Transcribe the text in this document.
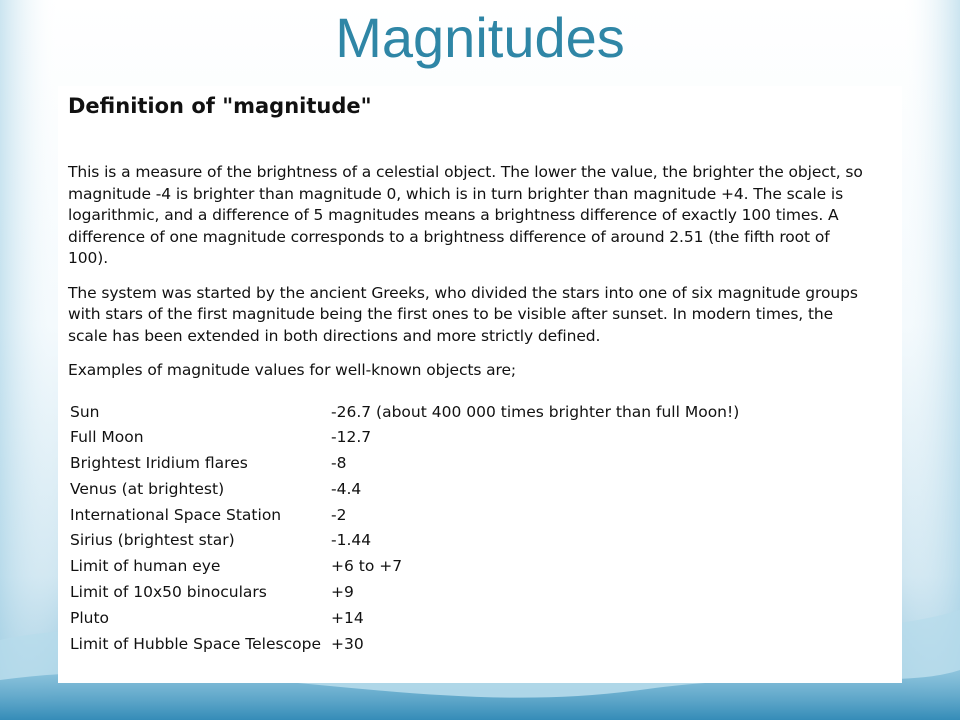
Magnitudes
Definition of "magnitude"

This is a measure of the brightness of a celestial object. The lower the value, the brighter the object, so magnitude -4 is brighter than magnitude 0, which is in turn brighter than magnitude +4. The scale is logarithmic, and a difference of 5 magnitudes means a brightness difference of exactly 100 times. A difference of one magnitude corresponds to a brightness difference of around 2.51 (the fifth root of 100).

The system was started by the ancient Greeks, who divided the stars into one of six magnitude groups with stars of the first magnitude being the first ones to be visible after sunset. In modern times, the scale has been extended in both directions and more strictly defined.

Examples of magnitude values for well-known objects are;

Sun	-26.7 (about 400 000 times brighter than full Moon!)
Full Moon	-12.7
Brightest Iridium flares	-8
Venus (at brightest)	-4.4
International Space Station	-2
Sirius (brightest star)	-1.44
Limit of human eye	+6 to +7
Limit of 10x50 binoculars	+9
Pluto	+14
Limit of Hubble Space Telescope	+30
